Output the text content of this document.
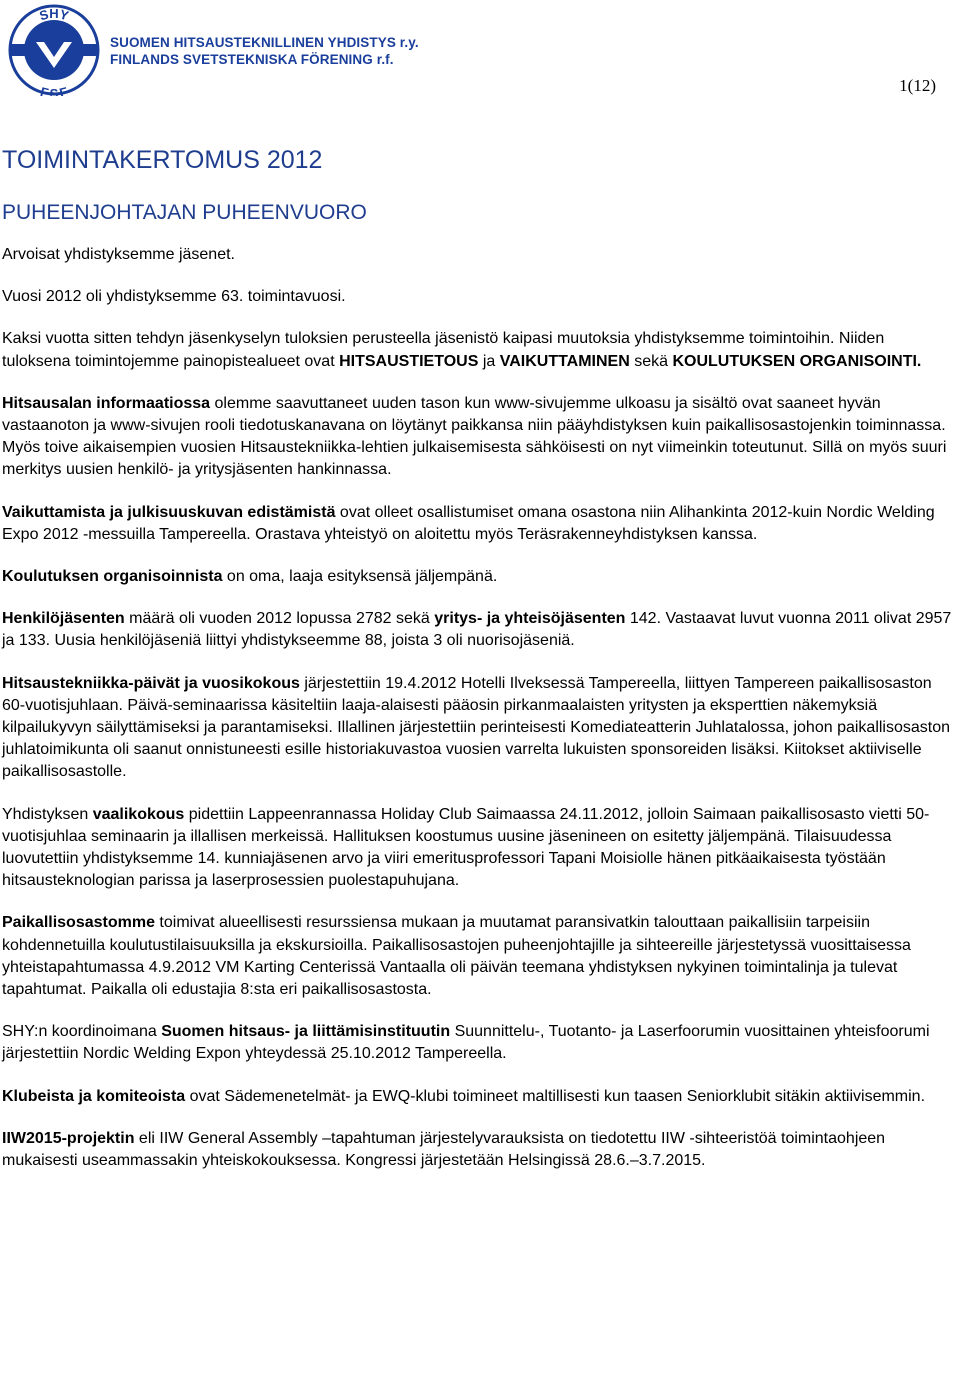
SHY
FSF
SUOMEN HITSAUSTEKNILLINEN YHDISTYS r.y.
FINLANDS SVETSTEKNISKA FÖRENING r.f.
1(12)
TOIMINTAKERTOMUS 2012
PUHEENJOHTAJAN PUHEENVUORO

Arvoisat yhdistyksemme jäsenet.

Vuosi 2012 oli yhdistyksemme 63. toimintavuosi.

Kaksi vuotta sitten tehdyn jäsenkyselyn tuloksien perusteella jäsenistö kaipasi muutoksia yhdistyksemme toimintoihin. Niiden tuloksena toimintojemme painopistealueet ovat HITSAUSTIETOUS ja VAIKUTTAMINEN sekä KOULUTUKSEN ORGANISOINTI.

Hitsausalan informaatiossa olemme saavuttaneet uuden tason kun www-sivujemme ulkoasu ja sisältö ovat saaneet hyvän vastaanoton ja www-sivujen rooli tiedotuskanavana on löytänyt paikkansa niin pääyhdistyksen kuin paikallisosastojenkin toiminnassa. Myös toive aikaisempien vuosien Hitsaustekniikka-lehtien julkaisemisesta sähköisesti on nyt viimeinkin toteutunut. Sillä on myös suuri merkitys uusien henkilö- ja yritysjäsenten hankinnassa.

Vaikuttamista ja julkisuuskuvan edistämistä ovat olleet osallistumiset omana osastona niin Alihankinta 2012-kuin Nordic Welding Expo 2012 -messuilla Tampereella. Orastava yhteistyö on aloitettu myös Teräsrakenneyhdistyksen kanssa.

Koulutuksen organisoinnista on oma, laaja esityksensä jäljempänä.

Henkilöjäsenten määrä oli vuoden 2012 lopussa 2782 sekä yritys- ja yhteisöjäsenten 142. Vastaavat luvut vuonna 2011 olivat 2957 ja 133. Uusia henkilöjäseniä liittyi yhdistykseemme 88, joista 3 oli nuorisojäseniä.

Hitsaustekniikka-päivät ja vuosikokous järjestettiin 19.4.2012 Hotelli Ilveksessä Tampereella, liittyen Tampereen paikallisosaston 60-vuotisjuhlaan. Päivä-seminaarissa käsiteltiin laaja-alaisesti pääosin pirkanmaalaisten yritysten ja eksperttien näkemyksiä kilpailukyvyn säilyttämiseksi ja parantamiseksi. Illallinen järjestettiin perinteisesti Komediateatterin Juhlatalossa, johon paikallisosaston juhlatoimikunta oli saanut onnistuneesti esille historiakuvastoa vuosien varrelta lukuisten sponsoreiden lisäksi. Kiitokset aktiiviselle paikallisosastolle.

Yhdistyksen vaalikokous pidettiin Lappeenrannassa Holiday Club Saimaassa 24.11.2012, jolloin Saimaan paikallisosasto vietti 50-vuotisjuhlaa seminaarin ja illallisen merkeissä. Hallituksen koostumus uusine jäsenineen on esitetty jäljempänä. Tilaisuudessa luovutettiin yhdistyksemme 14. kunniajäsenen arvo ja viiri emeritusprofessori Tapani Moisiolle hänen pitkäaikaisesta työstään hitsausteknologian parissa ja laserprosessien puolestapuhujana.

Paikallisosastomme toimivat alueellisesti resurssiensa mukaan ja muutamat paransivatkin talouttaan paikallisiin tarpeisiin kohdennetuilla koulutustilaisuuksilla ja ekskursioilla. Paikallisosastojen puheenjohtajille ja sihteereille järjestetyssä vuosittaisessa yhteistapahtumassa 4.9.2012 VM Karting Centerissä Vantaalla oli päivän teemana yhdistyksen nykyinen toimintalinja ja tulevat tapahtumat. Paikalla oli edustajia 8:sta eri paikallisosastosta.

SHY:n koordinoimana Suomen hitsaus- ja liittämisinstituutin Suunnittelu-, Tuotanto- ja Laserfoorumin vuosittainen yhteisfoorumi järjestettiin Nordic Welding Expon yhteydessä 25.10.2012 Tampereella.

Klubeista ja komiteoista ovat Sädemenetelmät- ja EWQ-klubi toimineet maltillisesti kun taasen Seniorklubit sitäkin aktiivisemmin.

IIW2015-projektin eli IIW General Assembly –tapahtuman järjestelyvarauksista on tiedotettu IIW -sihteeristöä toimintaohjeen mukaisesti useammassakin yhteiskokouksessa. Kongressi järjestetään Helsingissä 28.6.–3.7.2015.
